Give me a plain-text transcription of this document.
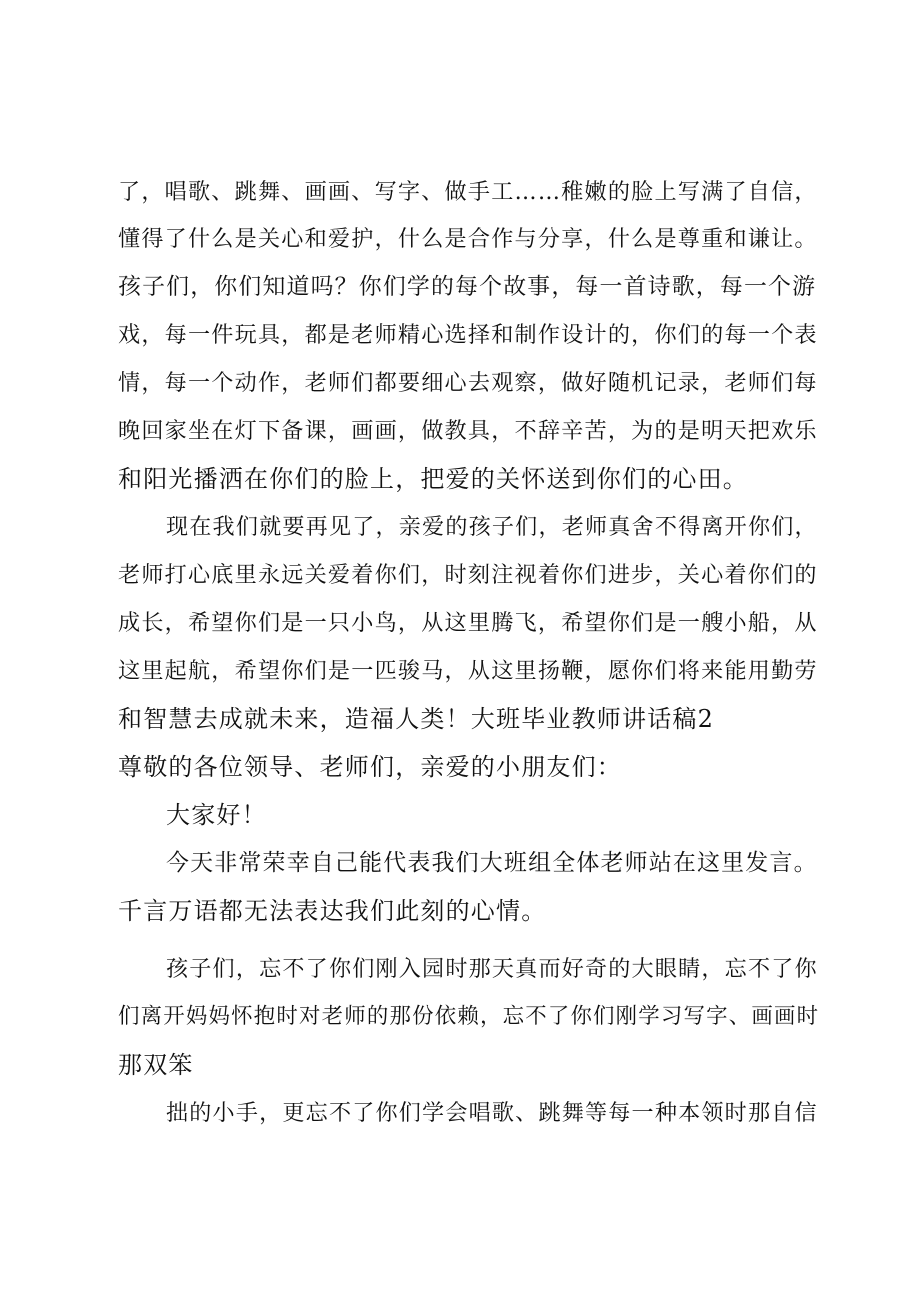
了，唱歌、跳舞、画画、写字、做手工……稚嫩的脸上写满了自信，
懂得了什么是关心和爱护，什么是合作与分享，什么是尊重和谦让。
孩子们，你们知道吗？你们学的每个故事，每一首诗歌，每一个游
戏，每一件玩具，都是老师精心选择和制作设计的，你们的每一个表
情，每一个动作，老师们都要细心去观察，做好随机记录，老师们每
晚回家坐在灯下备课，画画，做教具，不辞辛苦，为的是明天把欢乐
和阳光播洒在你们的脸上，把爱的关怀送到你们的心田。
现在我们就要再见了，亲爱的孩子们，老师真舍不得离开你们，
老师打心底里永远关爱着你们，时刻注视着你们进步，关心着你们的
成长，希望你们是一只小鸟，从这里腾飞，希望你们是一艘小船，从
这里起航，希望你们是一匹骏马，从这里扬鞭，愿你们将来能用勤劳
和智慧去成就未来，造福人类！大班毕业教师讲话稿2
尊敬的各位领导、老师们，亲爱的小朋友们：
大家好！
今天非常荣幸自己能代表我们大班组全体老师站在这里发言。
千言万语都无法表达我们此刻的心情。
孩子们，忘不了你们刚入园时那天真而好奇的大眼睛，忘不了你
们离开妈妈怀抱时对老师的那份依赖，忘不了你们刚学习写字、画画时
那双笨
拙的小手，更忘不了你们学会唱歌、跳舞等每一种本领时那自信
